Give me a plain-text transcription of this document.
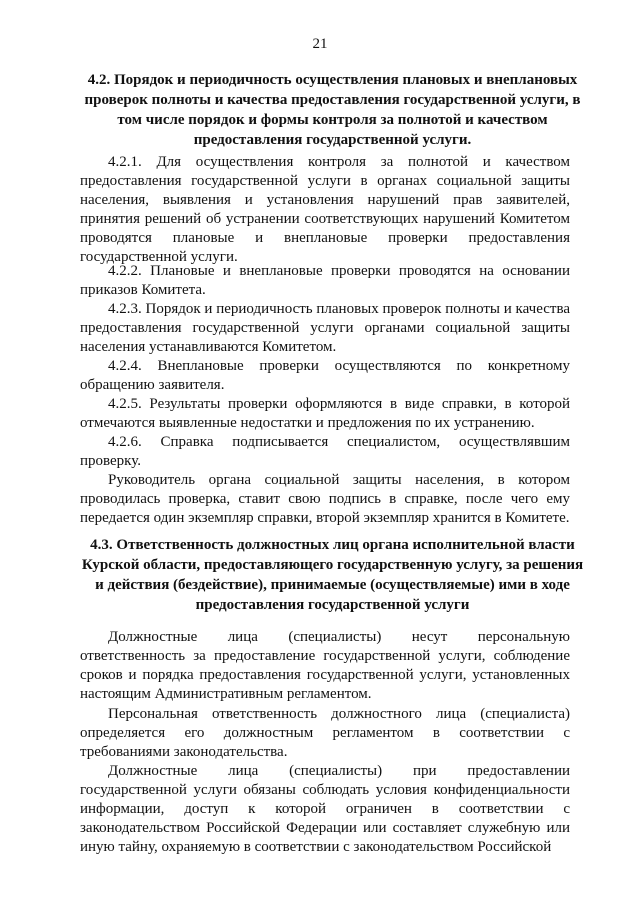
21

4.2. Порядок и периодичность осуществления плановых и внеплановых проверок полноты и качества предоставления государственной услуги, в том числе порядок и формы контроля за полнотой и качеством предоставления государственной услуги.

4.2.1. Для осуществления контроля за полнотой и качеством предоставления государственной услуги в органах социальной защиты населения, выявления и установления нарушений прав заявителей, принятия решений об устранении соответствующих нарушений Комитетом проводятся плановые и внеплановые проверки предоставления государственной услуги.

4.2.2. Плановые и внеплановые проверки проводятся на основании приказов Комитета.

4.2.3. Порядок и периодичность плановых проверок полноты и качества предоставления государственной услуги органами социальной защиты населения устанавливаются Комитетом.

4.2.4. Внеплановые проверки осуществляются по конкретному обращению заявителя.

4.2.5. Результаты проверки оформляются в виде справки, в которой отмечаются выявленные недостатки и предложения по их устранению.

4.2.6. Справка подписывается специалистом, осуществлявшим проверку.

Руководитель органа социальной защиты населения, в котором проводилась проверка, ставит свою подпись в справке, после чего ему передается один экземпляр справки, второй экземпляр хранится в Комитете.

4.3. Ответственность должностных лиц органа исполнительной власти Курской области, предоставляющего государственную услугу, за решения и действия (бездействие), принимаемые (осуществляемые) ими в ходе предоставления государственной услуги

Должностные лица (специалисты) несут персональную ответственность за предоставление государственной услуги, соблюдение сроков и порядка предоставления государственной услуги, установленных настоящим Административным регламентом.

Персональная ответственность должностного лица (специалиста) определяется его должностным регламентом в соответствии с требованиями законодательства.

Должностные лица (специалисты) при предоставлении государственной услуги обязаны соблюдать условия конфиденциальности информации, доступ к которой ограничен в соответствии с законодательством Российской Федерации или составляет служебную или иную тайну, охраняемую в соответствии с законодательством Российской
